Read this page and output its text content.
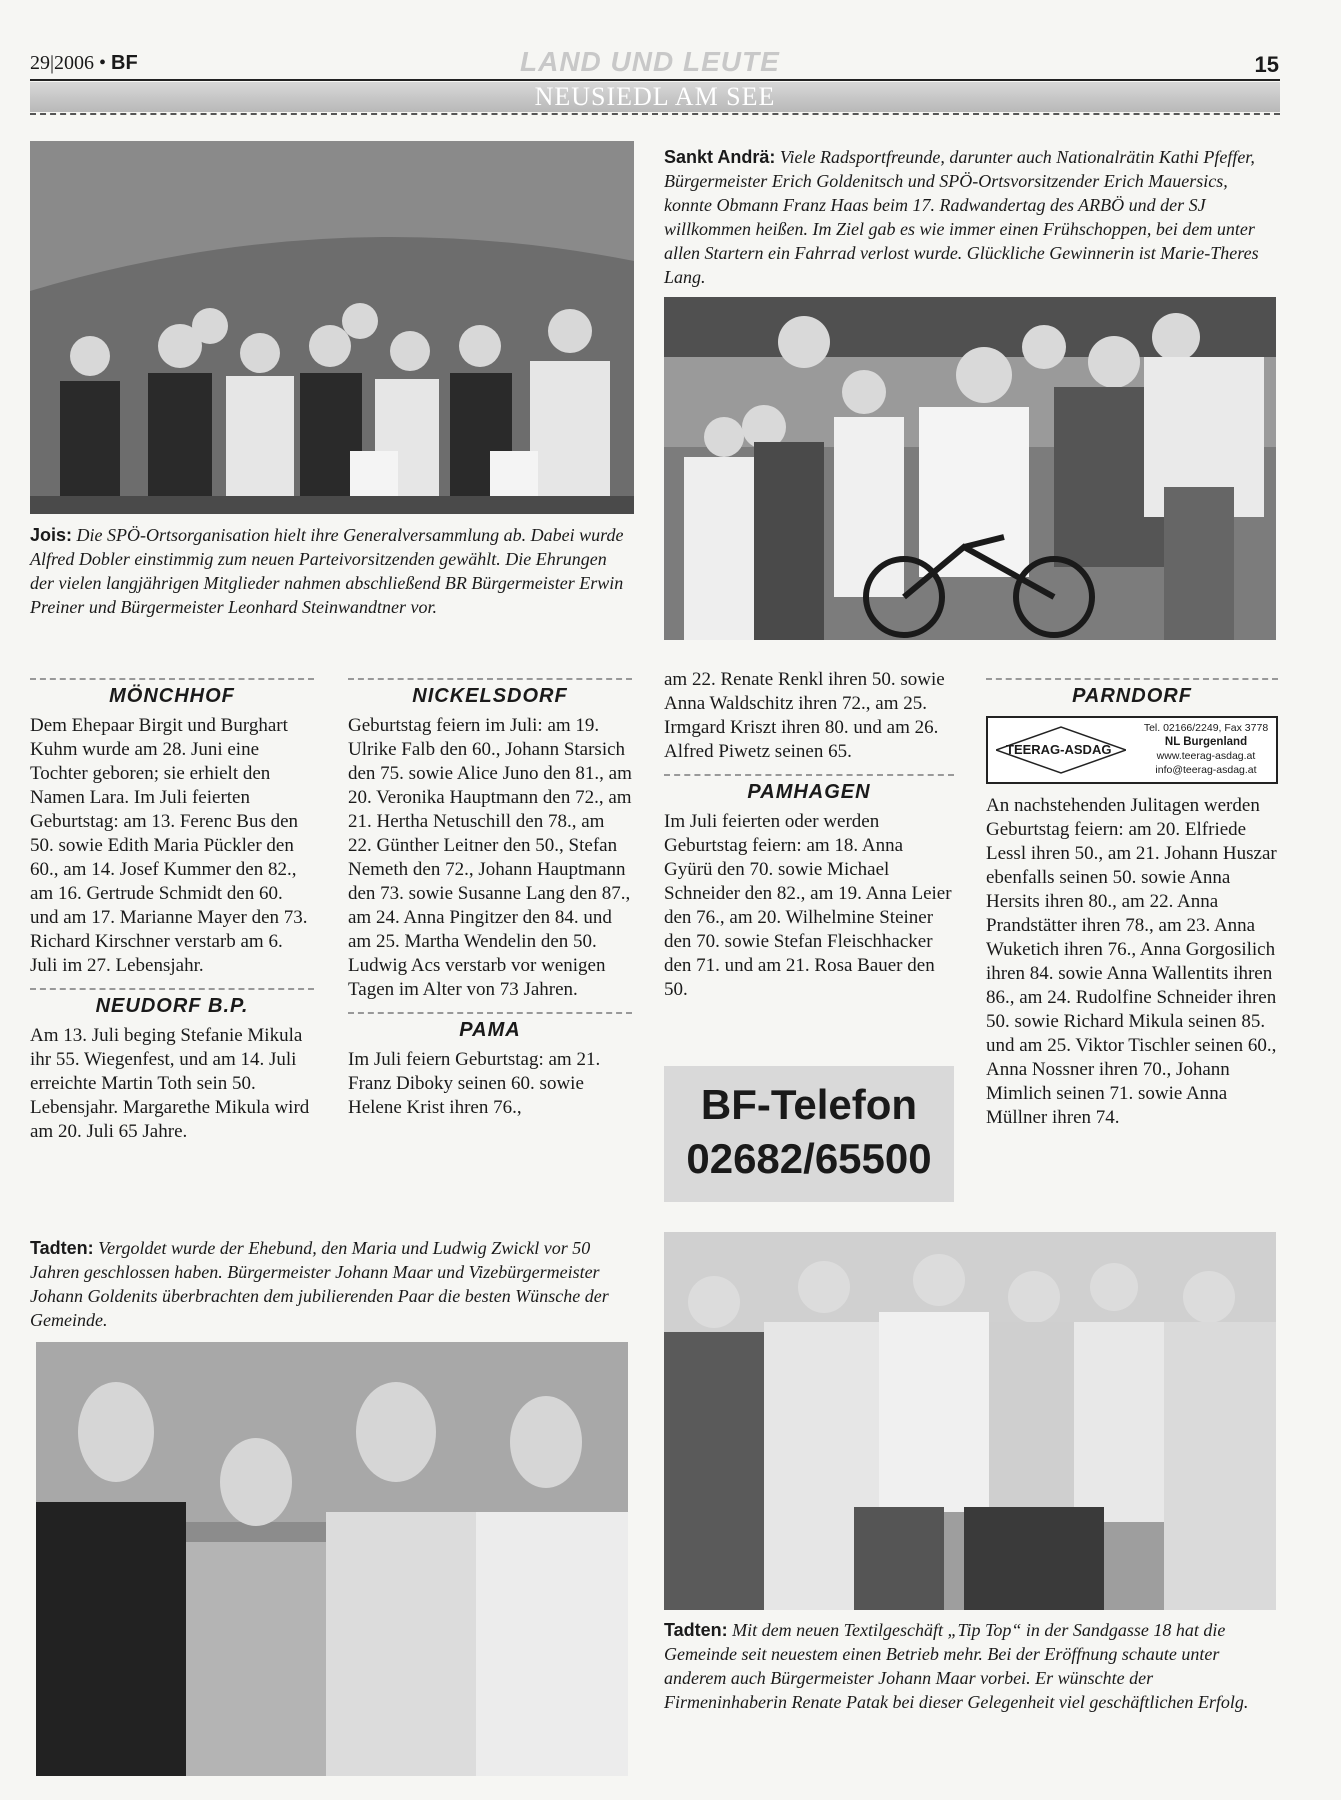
29|2006 • BF	LAND UND LEUTE	15
NEUSIEDL AM SEE
Jois: Die SPÖ-Ortsorganisation hielt ihre Generalversammlung ab. Dabei wurde Alfred Dobler einstimmig zum neuen Parteivorsitzenden gewählt. Die Ehrungen der vielen langjährigen Mitglieder nahmen abschließend BR Bürgermeister Erwin Preiner und Bürgermeister Leonhard Steinwandtner vor.
Sankt Andrä: Viele Radsportfreunde, darunter auch Nationalrätin Kathi Pfeffer, Bürgermeister Erich Goldenitsch und SPÖ-Ortsvorsitzender Erich Mauersics, konnte Obmann Franz Haas beim 17. Radwandertag des ARBÖ und der SJ willkommen heißen. Im Ziel gab es wie immer einen Frühschoppen, bei dem unter allen Startern ein Fahrrad verlost wurde. Glückliche Gewinnerin ist Marie-Theres Lang.
MÖNCHHOF

Dem Ehepaar Birgit und Burghart Kuhm wurde am 28. Juni eine Tochter geboren; sie erhielt den Namen Lara. Im Juli feierten Geburtstag: am 13. Ferenc Bus den 50. sowie Edith Maria Pückler den 60., am 14. Josef Kummer den 82., am 16. Gertrude Schmidt den 60. und am 17. Marianne Mayer den 73. Richard Kirschner verstarb am 6. Juli im 27. Lebensjahr.

NEUDORF B.P.

Am 13. Juli beging Stefanie Mikula ihr 55. Wiegenfest, und am 14. Juli erreichte Martin Toth sein 50. Lebensjahr. Margarethe Mikula wird am 20. Juli 65 Jahre.

NICKELSDORF

Geburtstag feiern im Juli: am 19. Ulrike Falb den 60., Johann Starsich den 75. sowie Alice Juno den 81., am 20. Veronika Hauptmann den 72., am 21. Hertha Netuschill den 78., am 22. Günther Leitner den 50., Stefan Nemeth den 72., Johann Hauptmann den 73. sowie Susanne Lang den 87., am 24. Anna Pingitzer den 84. und am 25. Martha Wendelin den 50. Ludwig Acs verstarb vor wenigen Tagen im Alter von 73 Jahren.

PAMA

Im Juli feiern Geburtstag: am 21. Franz Diboky seinen 60. sowie Helene Krist ihren 76.,

am 22. Renate Renkl ihren 50. sowie Anna Waldschitz ihren 72., am 25. Irmgard Kriszt ihren 80. und am 26. Alfred Piwetz seinen 65.

PAMHAGEN

Im Juli feierten oder werden Geburtstag feiern: am 18. Anna Gyürü den 70. sowie Michael Schneider den 82., am 19. Anna Leier den 76., am 20. Wilhelmine Steiner den 70. sowie Stefan Fleischhacker den 71. und am 21. Rosa Bauer den 50.

BF-Telefon
02682/65500
PARNDORF
TEERAG-ASDAG
Tel. 02166/2249, Fax 3778
NL Burgenland
www.teerag-asdag.at
info@teerag-asdag.at

An nachstehenden Julitagen werden Geburtstag feiern: am 20. Elfriede Lessl ihren 50., am 21. Johann Huszar ebenfalls seinen 50. sowie Anna Hersits ihren 80., am 22. Anna Prandstätter ihren 78., am 23. Anna Wuketich ihren 76., Anna Gorgosilich ihren 84. sowie Anna Wallentits ihren 86., am 24. Rudolfine Schneider ihren 50. sowie Richard Mikula seinen 85. und am 25. Viktor Tischler seinen 60., Anna Nossner ihren 70., Johann Mimlich seinen 71. sowie Anna Müllner ihren 74.

Tadten: Vergoldet wurde der Ehebund, den Maria und Ludwig Zwickl vor 50 Jahren geschlossen haben. Bürgermeister Johann Maar und Vizebürgermeister Johann Goldenits überbrachten dem jubilierenden Paar die besten Wünsche der Gemeinde.
Tadten: Mit dem neuen Textilgeschäft „Tip Top“ in der Sandgasse 18 hat die Gemeinde seit neuestem einen Betrieb mehr. Bei der Eröffnung schaute unter anderem auch Bürgermeister Johann Maar vorbei. Er wünschte der Firmeninhaberin Renate Patak bei dieser Gelegenheit viel geschäftlichen Erfolg.
